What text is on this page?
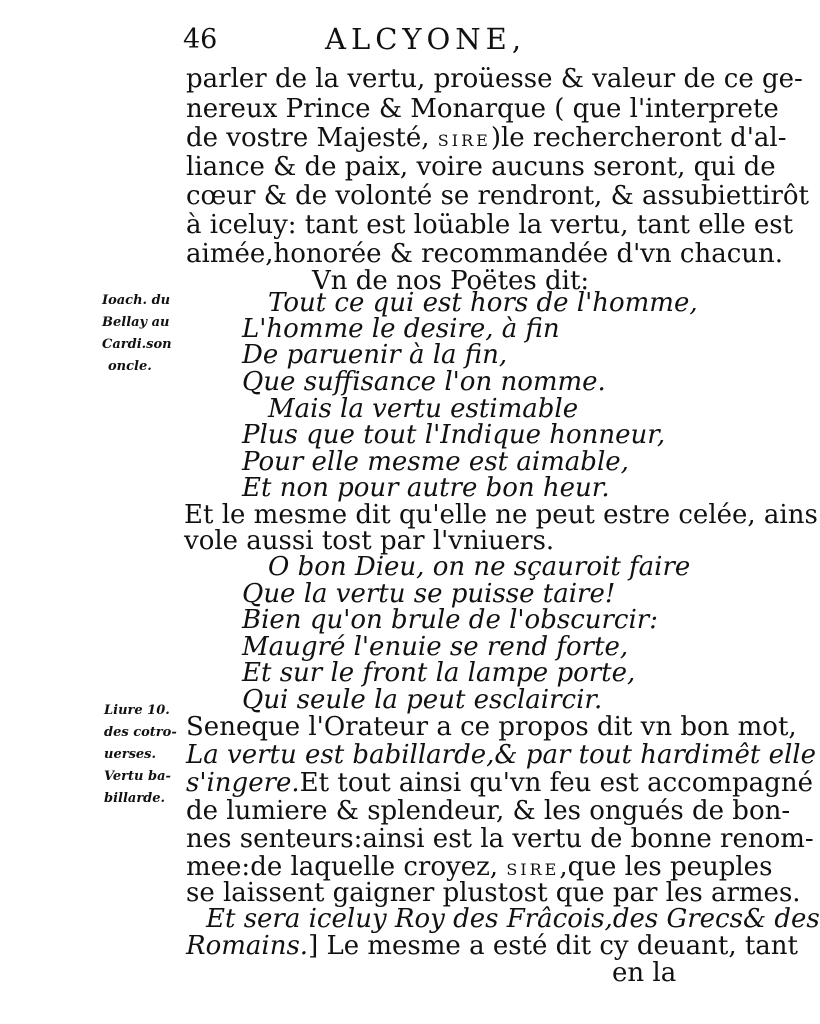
46	ALCYONE,
parler de la vertu, proüesse & valeur de ce ge-
nereux Prince & Monarque ( que l'interprete
de vostre Majesté, SIRE)le rechercheront d'al-
liance & de paix, voire aucuns seront, qui de
cœur & de volonté se rendront, & assubiettirôt
à iceluy: tant est loüable la vertu, tant elle est
aimée,honorée & recommandée d'vn chacun.
Vn de nos Poëtes dit:
Tout ce qui est hors de l'homme,
L'homme le desire, à fin
De paruenir à la fin,
Que suffisance l'on nomme.
Mais la vertu estimable
Plus que tout l'Indique honneur,
Pour elle mesme est aimable,
Et non pour autre bon heur.
Et le mesme dit qu'elle ne peut estre celée, ains
vole aussi tost par l'vniuers.
O bon Dieu, on ne sçauroit faire
Que la vertu se puisse taire!
Bien qu'on brule de l'obscurcir:
Maugré l'enuie se rend forte,
Et sur le front la lampe porte,
Qui seule la peut esclaircir.
Seneque l'Orateur a ce propos dit vn bon mot,
La vertu est babillarde,& par tout hardimêt elle
s'ingere.Et tout ainsi qu'vn feu est accompagné
de lumiere & splendeur, & les ongués de bon-
nes senteurs:ainsi est la vertu de bonne renom-
mee:de laquelle croyez, SIRE,que les peuples
se laissent gaigner plustost que par les armes.
Et sera iceluy Roy des Frâcois,des Grecs& des
Romains.] Le mesme a esté dit cy deuant, tant
en la
Ioach. du
Bellay au
Cardi.son
oncle.
Liure 10.
des cotro-
uerses.
Vertu ba-
billarde.
